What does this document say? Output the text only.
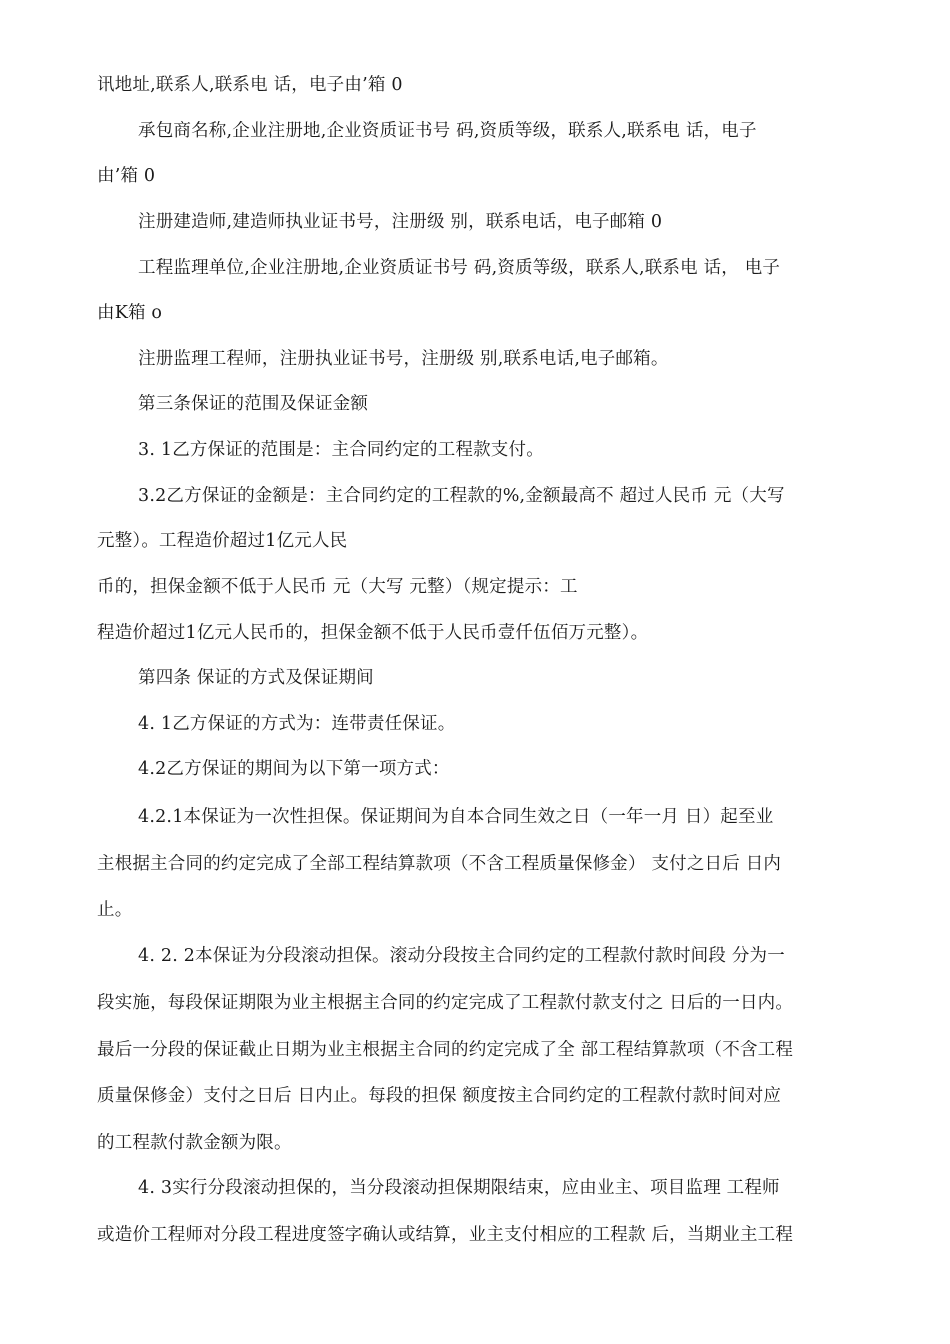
讯地址,联系人,联系电 话，电子由’箱 0
承包商名称,企业注册地,企业资质证书号 码,资质等级，联系人,联系电 话，电子
由’箱 0
注册建造师,建造师执业证书号，注册级 别，联系电话，电子邮箱 0
工程监理单位,企业注册地,企业资质证书号 码,资质等级，联系人,联系电 话， 电子
由K箱 o
注册监理工程师，注册执业证书号，注册级 别,联系电话,电子邮箱。
第三条保证的范围及保证金额
3. 1乙方保证的范围是：主合同约定的工程款支付。
3.2乙方保证的金额是：主合同约定的工程款的%,金额最高不 超过人民币 元（大写
元整）。工程造价超过1亿元人民
币的，担保金额不低于人民币 元（大写 元整）（规定提示：工
程造价超过1亿元人民币的，担保金额不低于人民币壹仟伍佰万元整）。
第四条 保证的方式及保证期间
4. 1乙方保证的方式为：连带责任保证。
4.2乙方保证的期间为以下第一项方式：
4.2.1本保证为一次性担保。保证期间为自本合同生效之日（一年一月 日）起至业
主根据主合同的约定完成了全部工程结算款项（不含工程质量保修金） 支付之日后 日内
止。
4. 2. 2本保证为分段滚动担保。滚动分段按主合同约定的工程款付款时间段 分为一
段实施，每段保证期限为业主根据主合同的约定完成了工程款付款支付之 日后的一日内。
最后一分段的保证截止日期为业主根据主合同的约定完成了全 部工程结算款项（不含工程
质量保修金）支付之日后 日内止。每段的担保 额度按主合同约定的工程款付款时间对应
的工程款付款金额为限。
4. 3实行分段滚动担保的，当分段滚动担保期限结束，应由业主、项目监理 工程师
或造价工程师对分段工程进度签字确认或结算，业主支付相应的工程款 后，当期业主工程
